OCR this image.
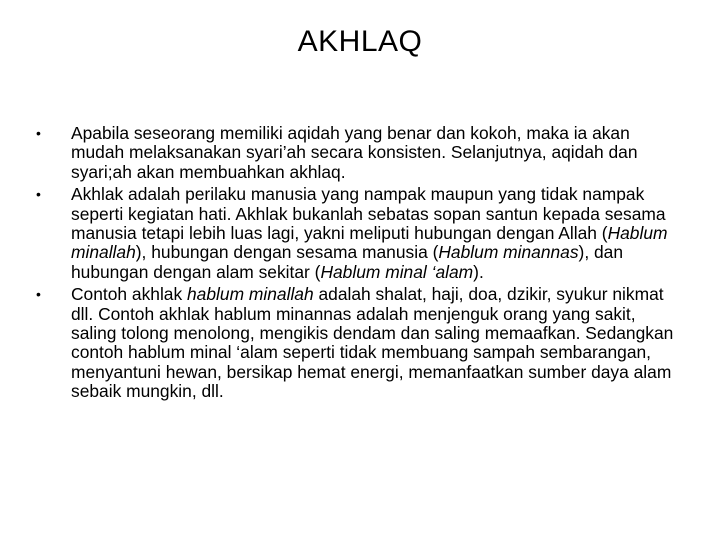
AKHLAQ
•	Apabila seseorang memiliki aqidah yang benar dan kokoh, maka ia akan mudah melaksanakan syari’ah secara konsisten. Selanjutnya, aqidah dan syari;ah akan membuahkan akhlaq.
•	Akhlak adalah perilaku manusia yang nampak maupun yang tidak nampak seperti kegiatan hati. Akhlak bukanlah sebatas sopan santun kepada sesama manusia tetapi lebih luas lagi, yakni meliputi hubungan dengan Allah (Hablum minallah), hubungan dengan sesama manusia (Hablum minannas), dan hubungan dengan alam sekitar (Hablum minal ‘alam).
•	Contoh akhlak hablum minallah adalah shalat, haji, doa, dzikir, syukur nikmat dll. Contoh akhlak hablum minannas adalah menjenguk orang yang sakit, saling tolong menolong, mengikis dendam dan saling memaafkan. Sedangkan contoh hablum minal ‘alam seperti tidak membuang sampah sembarangan, menyantuni hewan, bersikap hemat energi, memanfaatkan sumber daya alam sebaik mungkin, dll.
